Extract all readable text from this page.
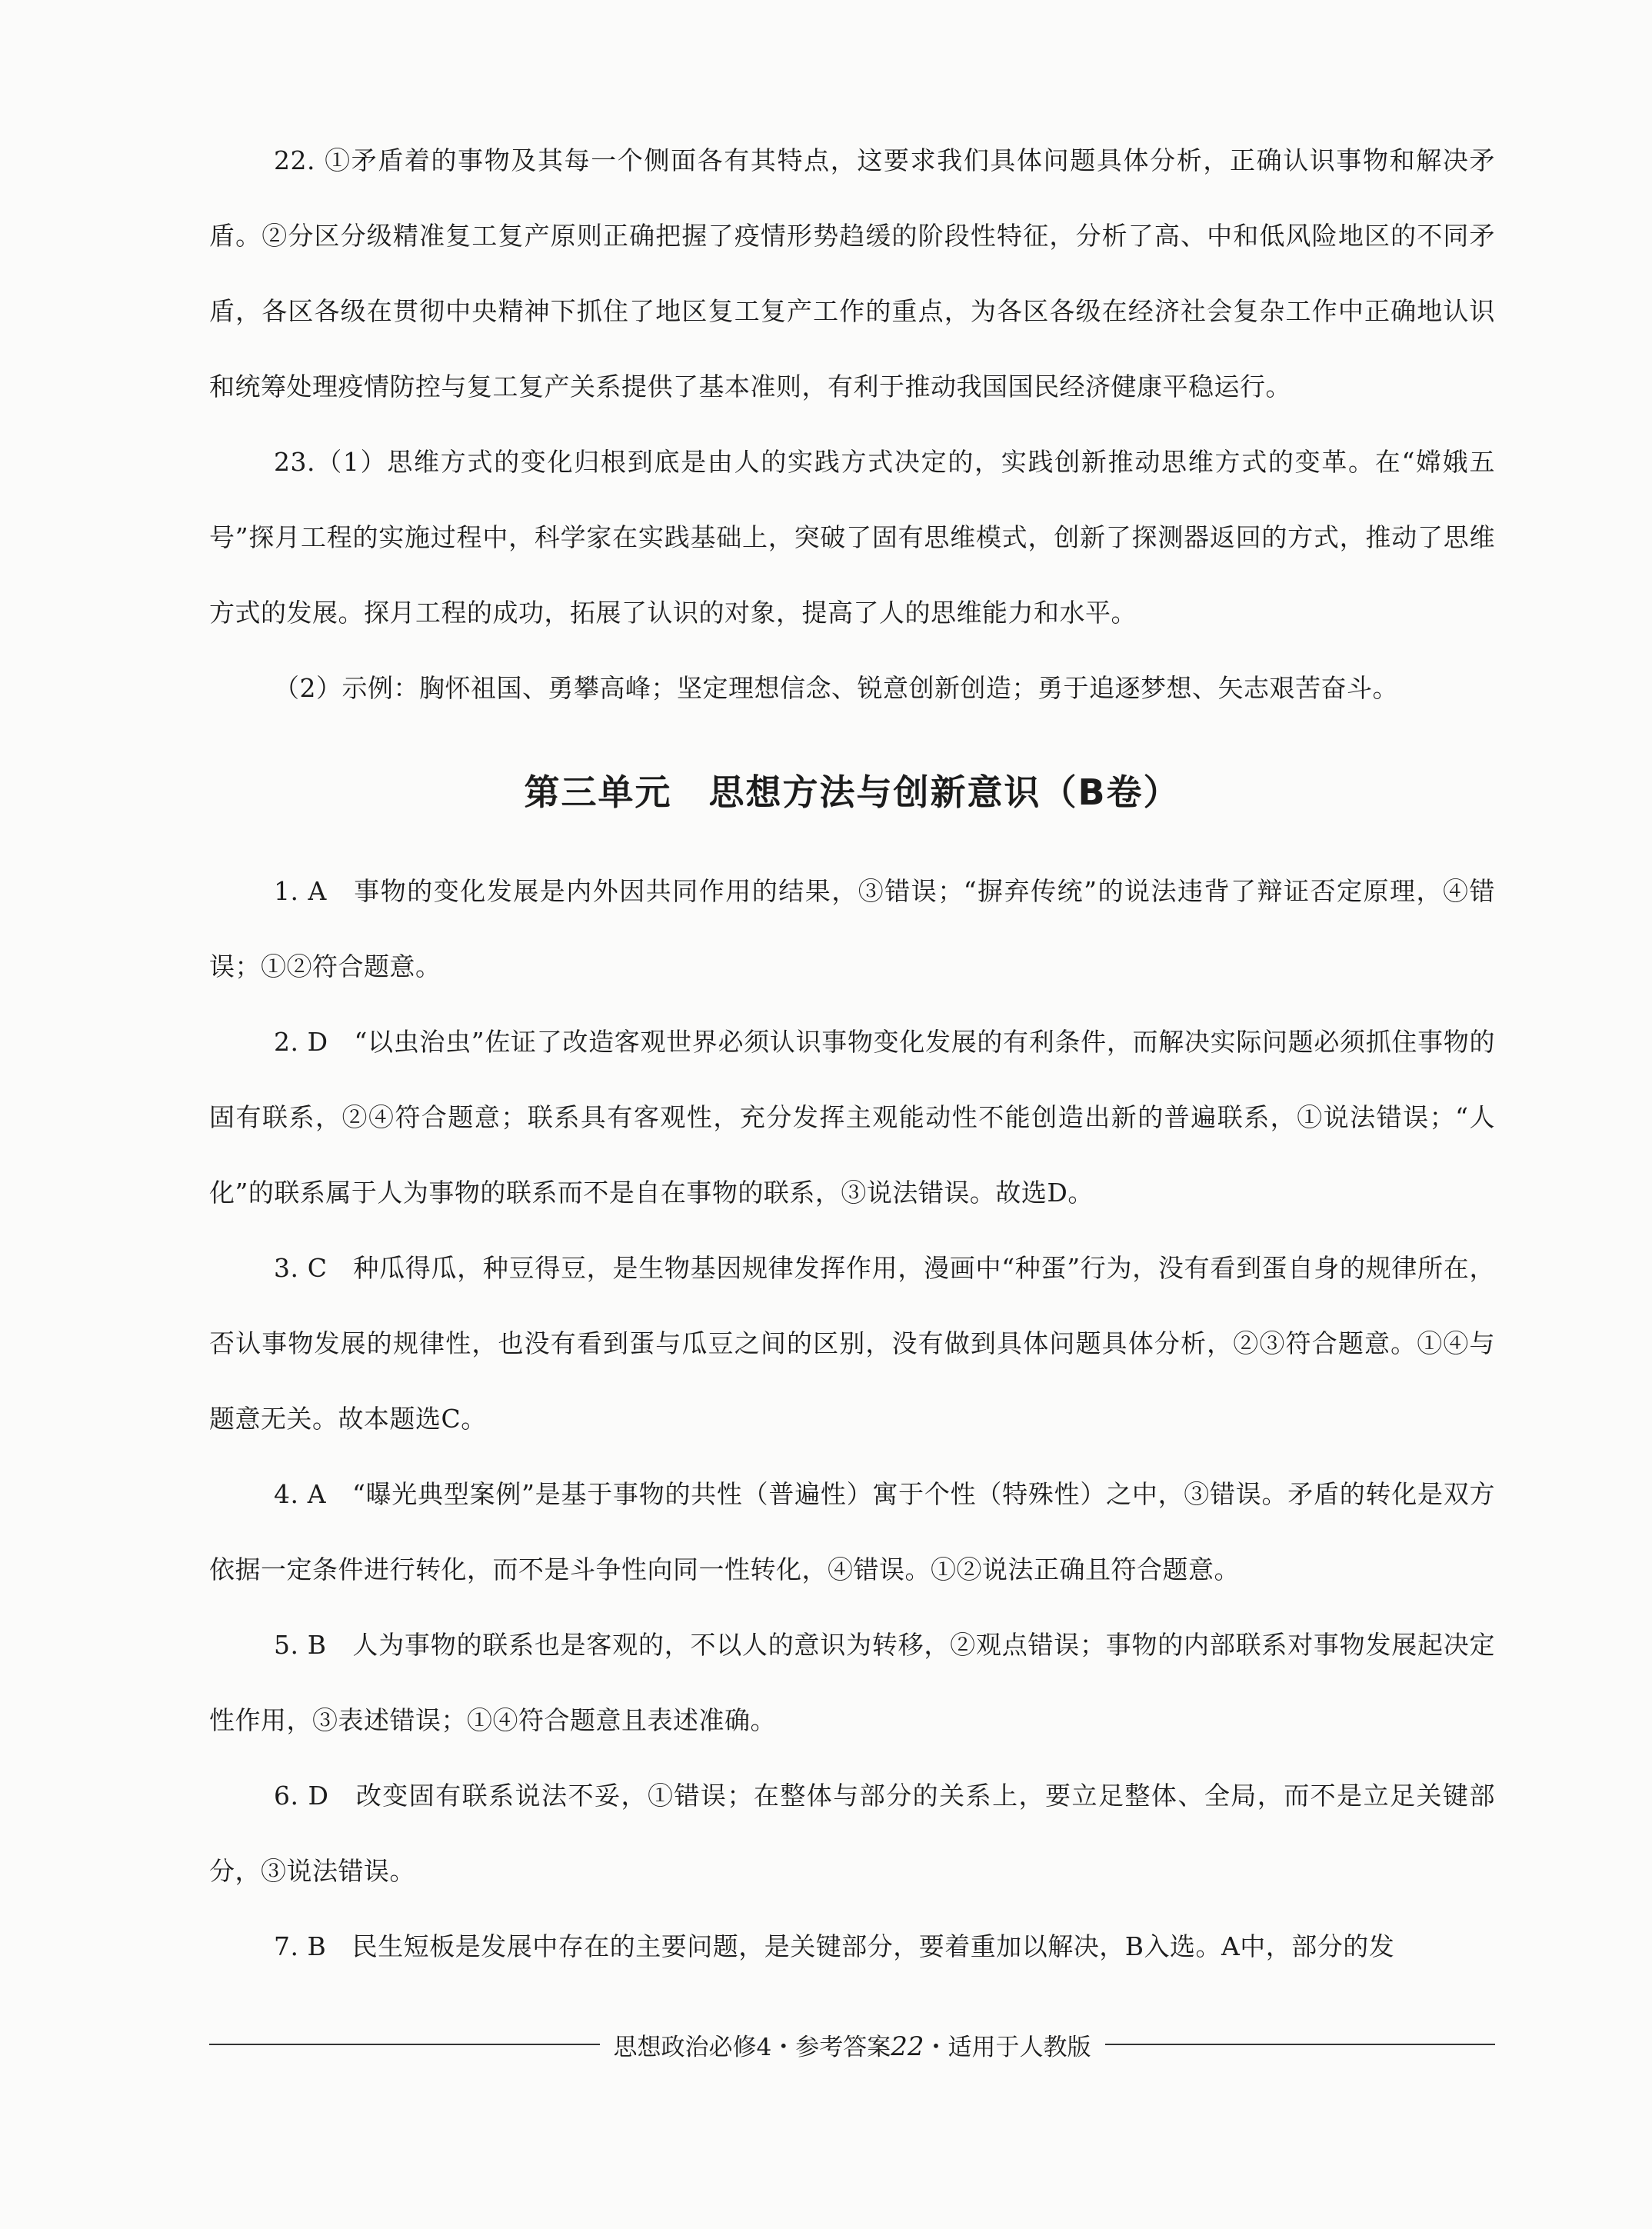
22. ①矛盾着的事物及其每一个侧面各有其特点，这要求我们具体问题具体分析，正确认识事物和解决矛盾。②分区分级精准复工复产原则正确把握了疫情形势趋缓的阶段性特征，分析了高、中和低风险地区的不同矛盾，各区各级在贯彻中央精神下抓住了地区复工复产工作的重点，为各区各级在经济社会复杂工作中正确地认识和统筹处理疫情防控与复工复产关系提供了基本准则，有利于推动我国国民经济健康平稳运行。

23.（1）思维方式的变化归根到底是由人的实践方式决定的，实践创新推动思维方式的变革。在“嫦娥五号”探月工程的实施过程中，科学家在实践基础上，突破了固有思维模式，创新了探测器返回的方式，推动了思维方式的发展。探月工程的成功，拓展了认识的对象，提高了人的思维能力和水平。

（2）示例：胸怀祖国、勇攀高峰；坚定理想信念、锐意创新创造；勇于追逐梦想、矢志艰苦奋斗。

第三单元　思想方法与创新意识（B卷）

1. A　事物的变化发展是内外因共同作用的结果，③错误；“摒弃传统”的说法违背了辩证否定原理，④错误；①②符合题意。

2. D　“以虫治虫”佐证了改造客观世界必须认识事物变化发展的有利条件，而解决实际问题必须抓住事物的固有联系，②④符合题意；联系具有客观性，充分发挥主观能动性不能创造出新的普遍联系，①说法错误；“人化”的联系属于人为事物的联系而不是自在事物的联系，③说法错误。故选D。

3. C　种瓜得瓜，种豆得豆，是生物基因规律发挥作用，漫画中“种蛋”行为，没有看到蛋自身的规律所在，否认事物发展的规律性，也没有看到蛋与瓜豆之间的区别，没有做到具体问题具体分析，②③符合题意。①④与题意无关。故本题选C。

4. A　“曝光典型案例”是基于事物的共性（普遍性）寓于个性（特殊性）之中，③错误。矛盾的转化是双方依据一定条件进行转化，而不是斗争性向同一性转化，④错误。①②说法正确且符合题意。

5. B　人为事物的联系也是客观的，不以人的意识为转移，②观点错误；事物的内部联系对事物发展起决定性作用，③表述错误；①④符合题意且表述准确。

6. D　改变固有联系说法不妥，①错误；在整体与部分的关系上，要立足整体、全局，而不是立足关键部分，③说法错误。

7. B　民生短板是发展中存在的主要问题，是关键部分，要着重加以解决，B入选。A中，部分的发

思想政治必修4・参考答案22・适用于人教版
